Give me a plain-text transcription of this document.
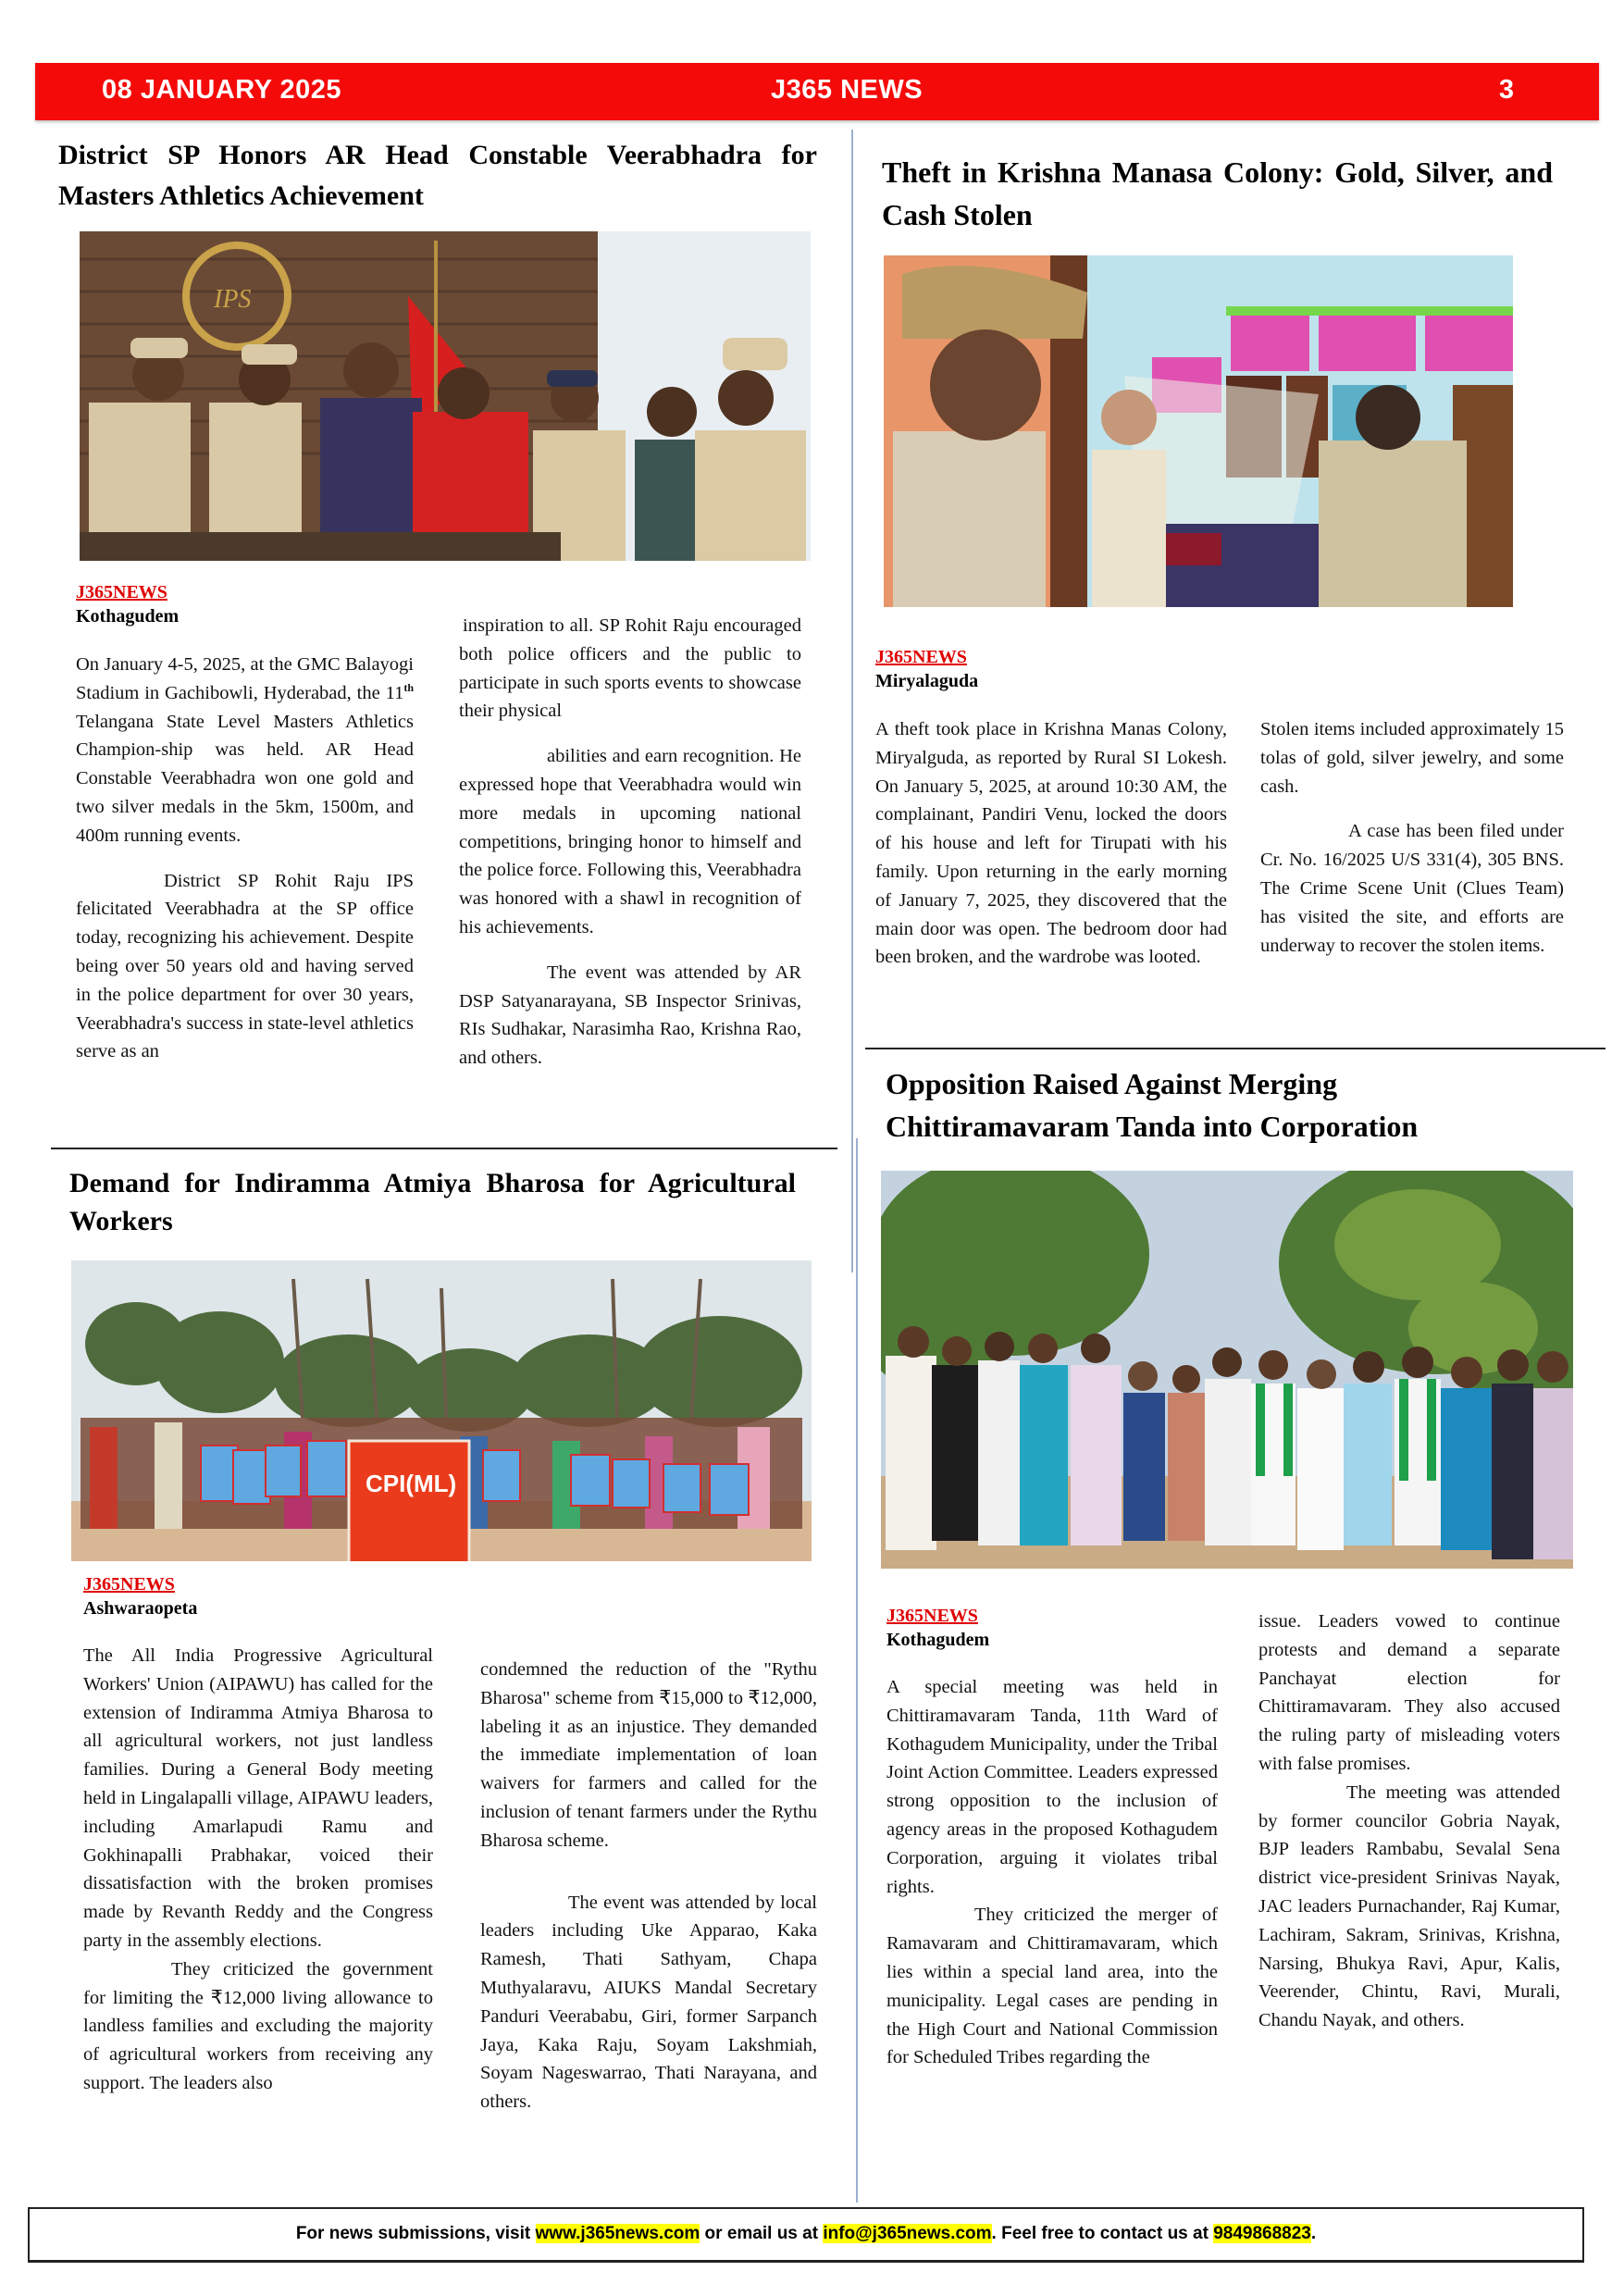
08 JANUARY 2025	J365 NEWS	3
District SP Honors AR Head Constable Veerabhadra for Masters Athletics Achievement
IPS
J365NEWS
Kothagudem

On January 4-5, 2025, at the GMC Balayogi Stadium in Gachibowli, Hyderabad, the 11th Telangana State Level Masters Athletics Champion-ship was held. AR Head Constable Veerabhadra won one gold and two silver medals in the 5km, 1500m, and 400m running events.

District SP Rohit Raju IPS felicitated Veerabhadra at the SP office today, recognizing his achievement. Despite being over 50 years old and having served in the police department for over 30 years, Veerabhadra's success in state-level athletics serve as an

inspiration to all. SP Rohit Raju encouraged both police officers and the public to participate in such sports events to showcase their physical

abilities and earn recognition. He expressed hope that Veerabhadra would win more medals in upcoming national competitions, bringing honor to himself and the police force. Following this, Veerabhadra was honored with a shawl in recognition of his achievements.

The event was attended by AR DSP Satyanarayana, SB Inspector Srinivas, RIs Sudhakar, Narasimha Rao, Krishna Rao, and others.

Theft in Krishna Manasa Colony: Gold, Silver, and Cash Stolen
J365NEWS
Miryalaguda

A theft took place in Krishna Manas Colony, Miryalguda, as reported by Rural SI Lokesh. On January 5, 2025, at around 10:30 AM, the complainant, Pandiri Venu, locked the doors of his house and left for Tirupati with his family. Upon returning in the early morning of January 7, 2025, they discovered that the main door was open. The bedroom door had been broken, and the wardrobe was looted.

Stolen items included approximately 15 tolas of gold, silver jewelry, and some cash.

A case has been filed under Cr. No. 16/2025 U/S 331(4), 305 BNS. The Crime Scene Unit (Clues Team) has visited the site, and efforts are underway to recover the stolen items.

Demand for Indiramma Atmiya Bharosa for Agricultural Workers
CPI(ML)
J365NEWS
Ashwaraopeta

The All India Progressive Agricultural Workers' Union (AIPAWU) has called for the extension of Indiramma Atmiya Bharosa to all agricultural workers, not just landless families. During a General Body meeting held in Lingalapalli village, AIPAWU leaders, including Amarlapudi Ramu and Gokhinapalli Prabhakar, voiced their dissatisfaction with the broken promises made by Revanth Reddy and the Congress party in the assembly elections.

They criticized the government for limiting the ₹12,000 living allowance to landless families and excluding the majority of agricultural workers from receiving any support. The leaders also

condemned the reduction of the "Rythu Bharosa" scheme from ₹15,000 to ₹12,000, labeling it as an injustice. They demanded the immediate implementation of loan waivers for farmers and called for the inclusion of tenant farmers under the Rythu Bharosa scheme.

The event was attended by local leaders including Uke Apparao, Kaka Ramesh, Thati Sathyam, Chapa Muthyalaravu, AIUKS Mandal Secretary Panduri Veerababu, Giri, former Sarpanch Jaya, Kaka Raju, Soyam Lakshmiah, Soyam Nageswarrao, Thati Narayana, and others.

Opposition Raised Against Merging Chittiramavaram Tanda into Corporation
J365NEWS
Kothagudem

A special meeting was held in Chittiramavaram Tanda, 11th Ward of Kothagudem Municipality, under the Tribal Joint Action Committee. Leaders expressed strong opposition to the inclusion of agency areas in the proposed Kothagudem Corporation, arguing it violates tribal rights.

They criticized the merger of Ramavaram and Chittiramavaram, which lies within a special land area, into the municipality. Legal cases are pending in the High Court and National Commission for Scheduled Tribes regarding the

issue. Leaders vowed to continue protests and demand a separate Panchayat election for Chittiramavaram. They also accused the ruling party of misleading voters with false promises.

The meeting was attended by former councilor Gobria Nayak, BJP leaders Rambabu, Sevalal Sena district vice-president Srinivas Nayak, JAC leaders Purnachander, Raj Kumar, Lachiram, Sakram, Srinivas, Krishna, Narsing, Bhukya Ravi, Apur, Kalis, Veerender, Chintu, Ravi, Murali, Chandu Nayak, and others.

For news submissions, visit www.j365news.com or email us at info@j365news.com. Feel free to contact us at 9849868823.
